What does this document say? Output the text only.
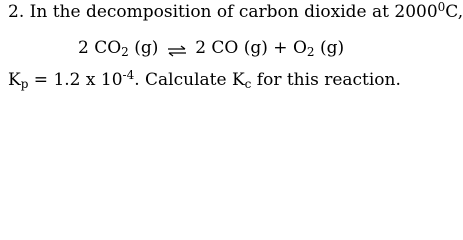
2. In the decomposition of carbon dioxide at 2000$^0$C,
2 $CO_2$ (g) ⇌ 2 CO $(g) + O_2$ (g)
$K_p = 1.2$ x $10^{-4}$. Calculate $K_c$ for this reaction.
